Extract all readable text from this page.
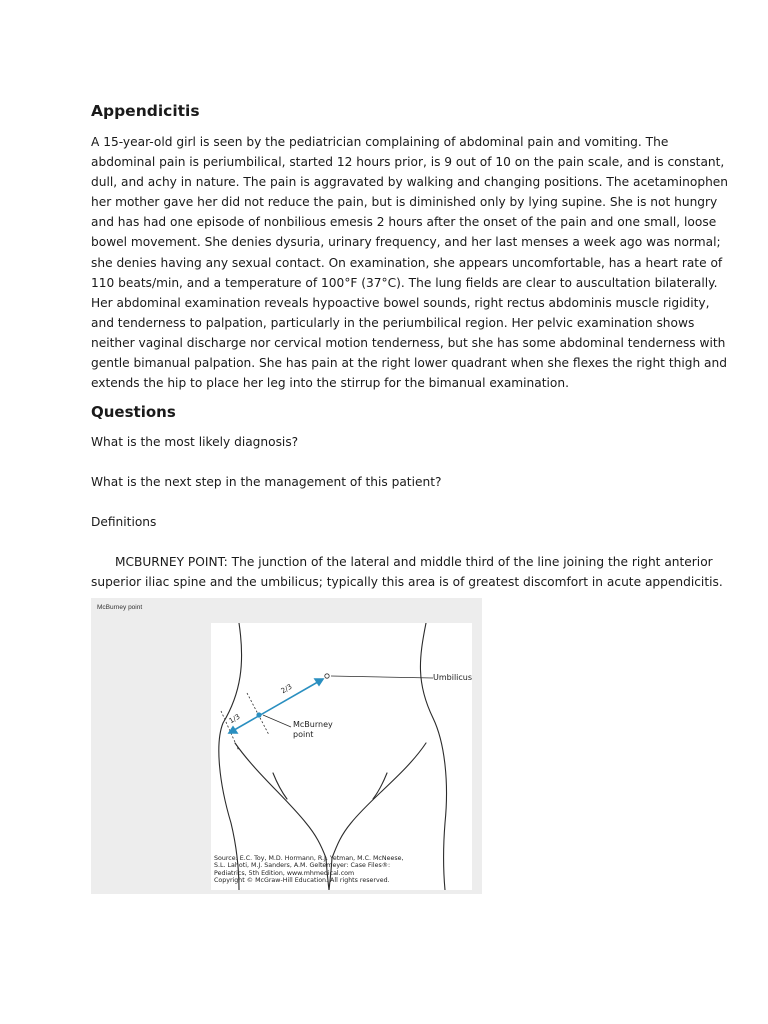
Appendicitis
A 15-year-old girl is seen by the pediatrician complaining of abdominal pain and vomiting. The
abdominal pain is periumbilical, started 12 hours prior, is 9 out of 10 on the pain scale, and is constant,
dull, and achy in nature. The pain is aggravated by walking and changing positions. The acetaminophen
her mother gave her did not reduce the pain, but is diminished only by lying supine. She is not hungry
and has had one episode of nonbilious emesis 2 hours after the onset of the pain and one small, loose
bowel movement. She denies dysuria, urinary frequency, and her last menses a week ago was normal;
she denies having any sexual contact. On examination, she appears uncomfortable, has a heart rate of
110 beats/min, and a temperature of 100°F (37°C). The lung fields are clear to auscultation bilaterally.
Her abdominal examination reveals hypoactive bowel sounds, right rectus abdominis muscle rigidity,
and tenderness to palpation, particularly in the periumbilical region. Her pelvic examination shows
neither vaginal discharge nor cervical motion tenderness, but she has some abdominal tenderness with
gentle bimanual palpation. She has pain at the right lower quadrant when she flexes the right thigh and
extends the hip to place her leg into the stirrup for the bimanual examination.
Questions
What is the most likely diagnosis?
What is the next step in the management of this patient?
Definitions
MCBURNEY POINT: The junction of the lateral and middle third of the line joining the right anterior
superior iliac spine and the umbilicus; typically this area is of greatest discomfort in acute appendicitis.
McBurney point
Umbilicus
McBurney
point
2/3
1/3
Source: E.C. Toy, M.D. Hormann, R.J. Yetman, M.C. McNeese,
S.L. Lahoti, M.J. Sanders, A.M. Geltemeyer: Case Files®:
Pediatrics, 5th Edition, www.mhmedical.com
Copyright © McGraw-Hill Education. All rights reserved.
